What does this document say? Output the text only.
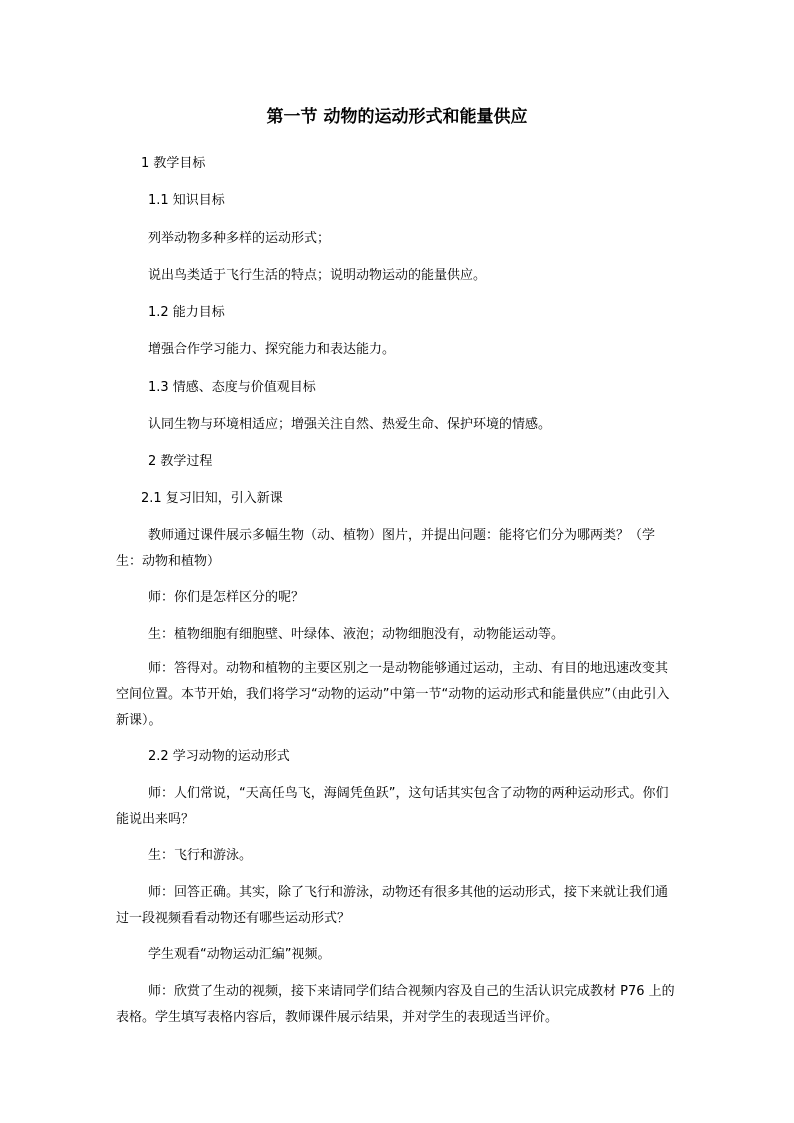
第一节 动物的运动形式和能量供应
1 教学目标
1.1 知识目标
列举动物多种多样的运动形式；
说出鸟类适于飞行生活的特点；说明动物运动的能量供应。
1.2 能力目标
增强合作学习能力、探究能力和表达能力。
1.3 情感、态度与价值观目标
认同生物与环境相适应；增强关注自然、热爱生命、保护环境的情感。
2 教学过程
2.1 复习旧知，引入新课
教师通过课件展示多幅生物（动、植物）图片，并提出问题：能将它们分为哪两类？（学生：动物和植物）
师：你们是怎样区分的呢？
生：植物细胞有细胞壁、叶绿体、液泡；动物细胞没有，动物能运动等。
师：答得对。动物和植物的主要区别之一是动物能够通过运动，主动、有目的地迅速改变其空间位置。本节开始，我们将学习“动物的运动”中第一节“动物的运动形式和能量供应”（由此引入新课）。
2.2 学习动物的运动形式
师：人们常说，“天高任鸟飞，海阔凭鱼跃”，这句话其实包含了动物的两种运动形式。你们能说出来吗？
生：飞行和游泳。
师：回答正确。其实，除了飞行和游泳，动物还有很多其他的运动形式，接下来就让我们通过一段视频看看动物还有哪些运动形式？
学生观看“动物运动汇编”视频。
师：欣赏了生动的视频，接下来请同学们结合视频内容及自己的生活认识完成教材 P76 上的表格。学生填写表格内容后，教师课件展示结果，并对学生的表现适当评价。
